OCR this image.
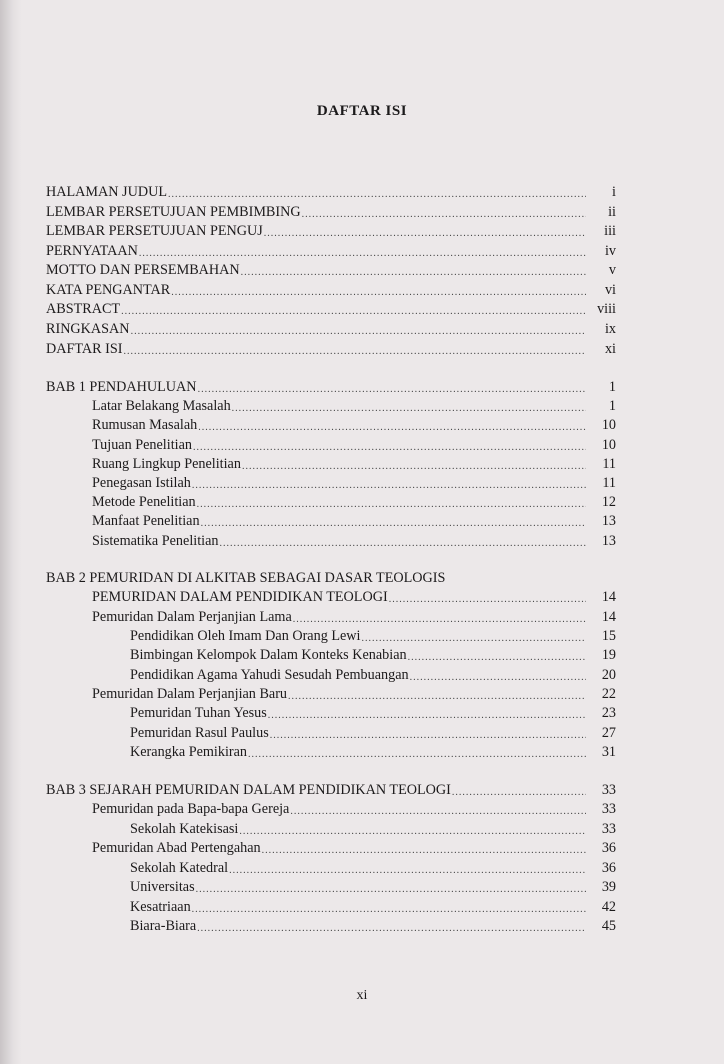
DAFTAR ISI
HALAMAN JUDUL .....	i
LEMBAR PERSETUJUAN PEMBIMBING .....	ii
LEMBAR PERSETUJUAN PENGUJ .....	iii
PERNYATAAN .....	iv
MOTTO DAN PERSEMBAHAN .....	v
KATA PENGANTAR .....	vi
ABSTRACT .....	viii
RINGKASAN .....	ix
DAFTAR ISI .....	xi
BAB 1 PENDAHULUAN .....	1
Latar Belakang Masalah .....	1
Rumusan Masalah .....	10
Tujuan Penelitian .....	10
Ruang Lingkup Penelitian .....	11
Penegasan Istilah .....	11
Metode Penelitian .....	12
Manfaat Penelitian .....	13
Sistematika Penelitian .....	13
BAB 2 PEMURIDAN DI ALKITAB SEBAGAI DASAR TEOLOGIS
PEMURIDAN DALAM PENDIDIKAN TEOLOGI .....	14
Pemuridan Dalam Perjanjian Lama .....	14
Pendidikan Oleh Imam Dan Orang Lewi .....	15
Bimbingan Kelompok Dalam Konteks Kenabian .....	19
Pendidikan Agama Yahudi Sesudah Pembuangan .....	20
Pemuridan Dalam Perjanjian Baru .....	22
Pemuridan Tuhan Yesus .....	23
Pemuridan Rasul Paulus .....	27
Kerangka Pemikiran .....	31
BAB 3 SEJARAH PEMURIDAN DALAM PENDIDIKAN TEOLOGI .....	33
Pemuridan pada Bapa-bapa Gereja .....	33
Sekolah Katekisasi .....	33
Pemuridan Abad Pertengahan .....	36
Sekolah Katedral .....	36
Universitas .....	39
Kesatriaan .....	42
Biara-Biara .....	45
xi
